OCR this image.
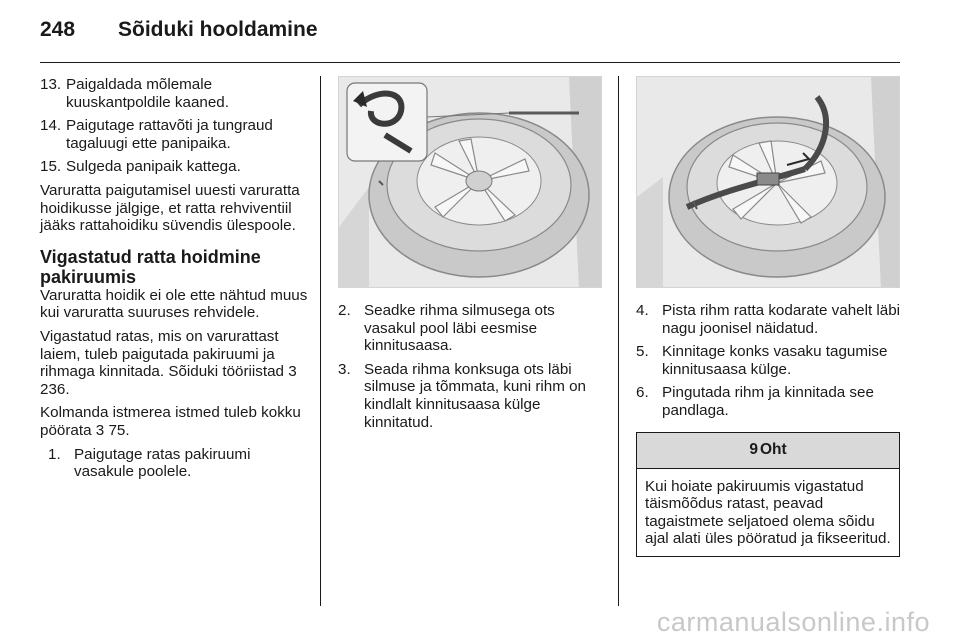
248	Sõiduki hooldamine
13. Paigaldada mõlemale kuuskantpoldile kaaned.
14. Paigutage rattavõti ja tungraud tagaluugi ette panipaika.
15. Sulgeda panipaik kattega.

Varuratta paigutamisel uuesti varuratta hoidikusse jälgige, et ratta rehviventiil jääks rattahoidiku süvendis ülespoole.

Vigastatud ratta hoidmine pakiruumis

Varuratta hoidik ei ole ette nähtud muus kui varuratta suuruses rehvidele.

Vigastatud ratas, mis on varurattast laiem, tuleb paigutada pakiruumi ja rihmaga kinnitada. Sõiduki tööriistad 3 236.

Kolmanda istmerea istmed tuleb kokku pöörata 3 75.

1. Paigutage ratas pakiruumi vasakule poolele.
2. Seadke rihma silmusega ots vasakul pool läbi eesmise kinnitusaasa.
3. Seada rihma konksuga ots läbi silmuse ja tõmmata, kuni rihm on kindlalt kinnitusaasa külge kinnitatud.
4. Pista rihm ratta kodarate vahelt läbi nagu joonisel näidatud.
5. Kinnitage konks vasaku tagumise kinnitusaasa külge.
6. Pingutada rihm ja kinnitada see pandlaga.
9 Oht
Kui hoiate pakiruumis vigastatud täismõõdus ratast, peavad tagaistmete seljatoed olema sõidu ajal alati üles pööratud ja fikseeritud.
carmanualsonline.info
